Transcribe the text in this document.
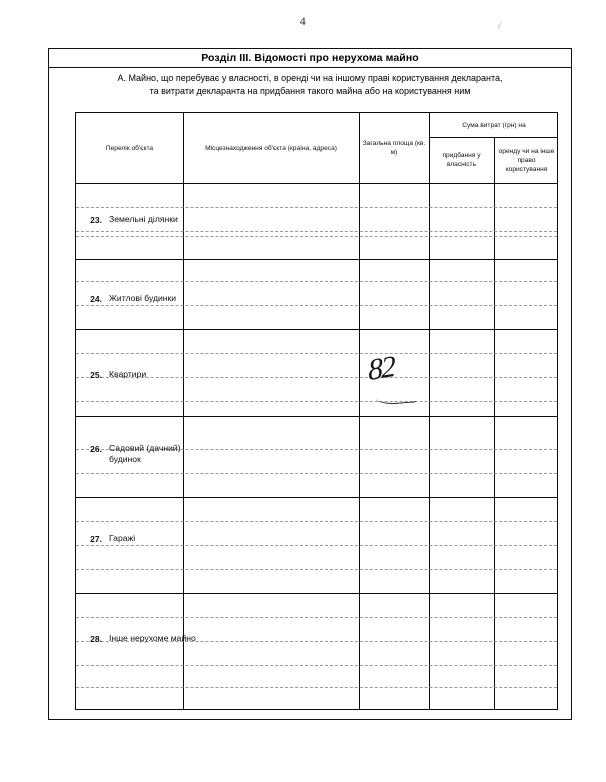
4	·⁄
Розділ III. Відомості про нерухома майно
А. Майно, що перебуває у власності, в оренді чи на іншому праві користування декларанта,
та витрати декларанта на придбання такого майна або на користування ним
Перелік об'єкта	Місцезнаходження об'єкта (країна, адреса)
Загальна площа (кв. м)
Сума витрат (грн) на
придбання у власність
оренду чи на інше право користування
23. Земельні ділянки
24. Житлові будинки
25. Квартири
26. Садовий (дачний) будинок
27. Гаражі
28. Інше нерухоме майно
82
